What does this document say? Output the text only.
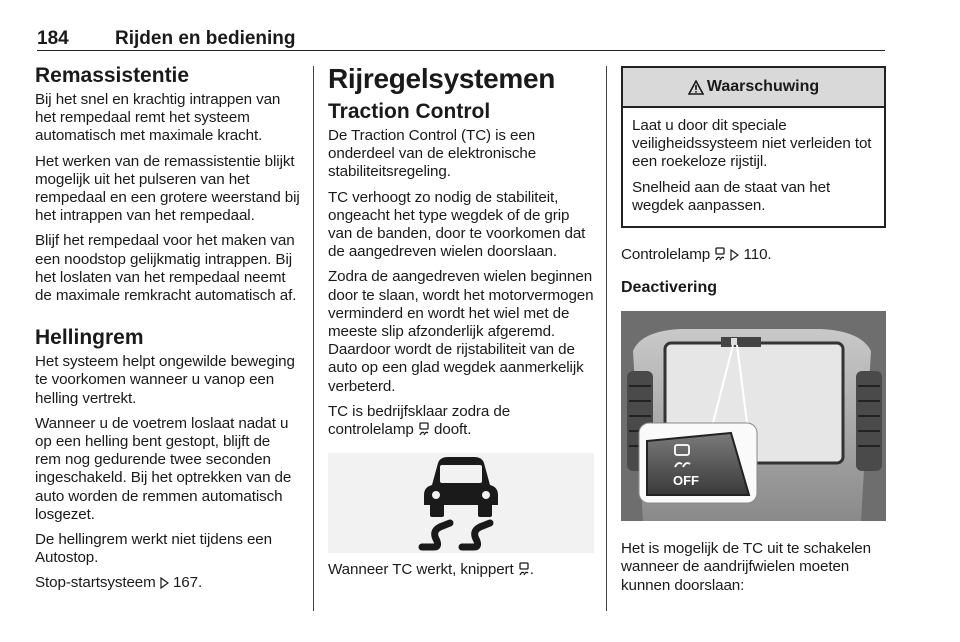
184 Rijden en bediening
Remassistentie

Bij het snel en krachtig intrappen van het rempedaal remt het systeem automatisch met maximale kracht.

Het werken van de remassistentie blijkt mogelijk uit het pulseren van het rempedaal en een grotere weerstand bij het intrappen van het rempedaal.

Blijf het rempedaal voor het maken van een noodstop gelijkmatig intrappen. Bij het loslaten van het rempedaal neemt de maximale remkracht automatisch af.

Hellingrem

Het systeem helpt ongewilde beweging te voorkomen wanneer u vanop een helling vertrekt.

Wanneer u de voetrem loslaat nadat u op een helling bent gestopt, blijft de rem nog gedurende twee seconden ingeschakeld. Bij het optrekken van de auto worden de remmen automatisch losgezet.

De hellingrem werkt niet tijdens een Autostop.

Stop-startsysteem 167.

Rijregelsystemen
Traction Control

De Traction Control (TC) is een onderdeel van de elektronische stabiliteitsregeling.

TC verhoogt zo nodig de stabiliteit, ongeacht het type wegdek of de grip van de banden, door te voorkomen dat de aangedreven wielen doorslaan.

Zodra de aangedreven wielen beginnen door te slaan, wordt het motorvermogen verminderd en wordt het wiel met de meeste slip afzonderlijk afgeremd. Daardoor wordt de rijstabiliteit van de auto op een glad wegdek aanmerkelijk verbeterd.

TC is bedrijfsklaar zodra de controlelamp dooft.

Wanneer TC werkt, knippert .

Waarschuwing

Laat u door dit speciale veiligheidssysteem niet verleiden tot een roekeloze rijstijl.

Snelheid aan de staat van het wegdek aanpassen.

Controlelamp 110.

Deactivering
OFF

Het is mogelijk de TC uit te schakelen wanneer de aandrijfwielen moeten kunnen doorslaan:
